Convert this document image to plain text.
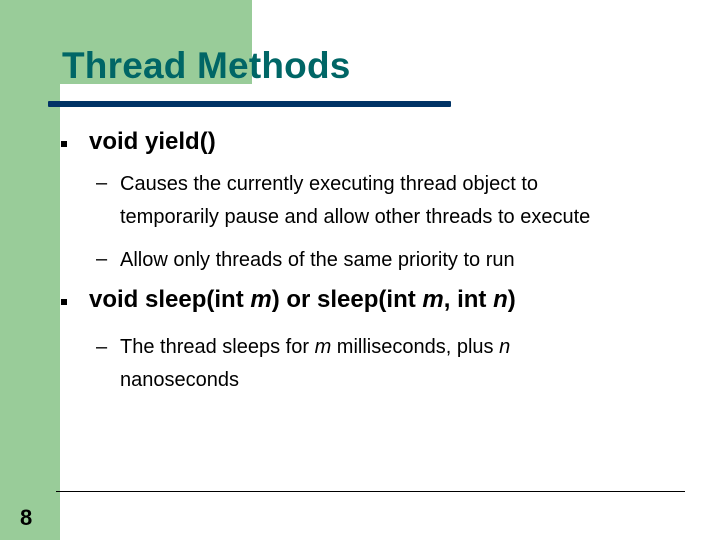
Thread Methods
void yield()
– Causes the currently executing thread object to
temporarily pause and allow other threads to execute
– Allow only threads of the same priority to run
void sleep(int m) or sleep(int m, int n)
– The thread sleeps for m milliseconds, plus n
nanoseconds
8
